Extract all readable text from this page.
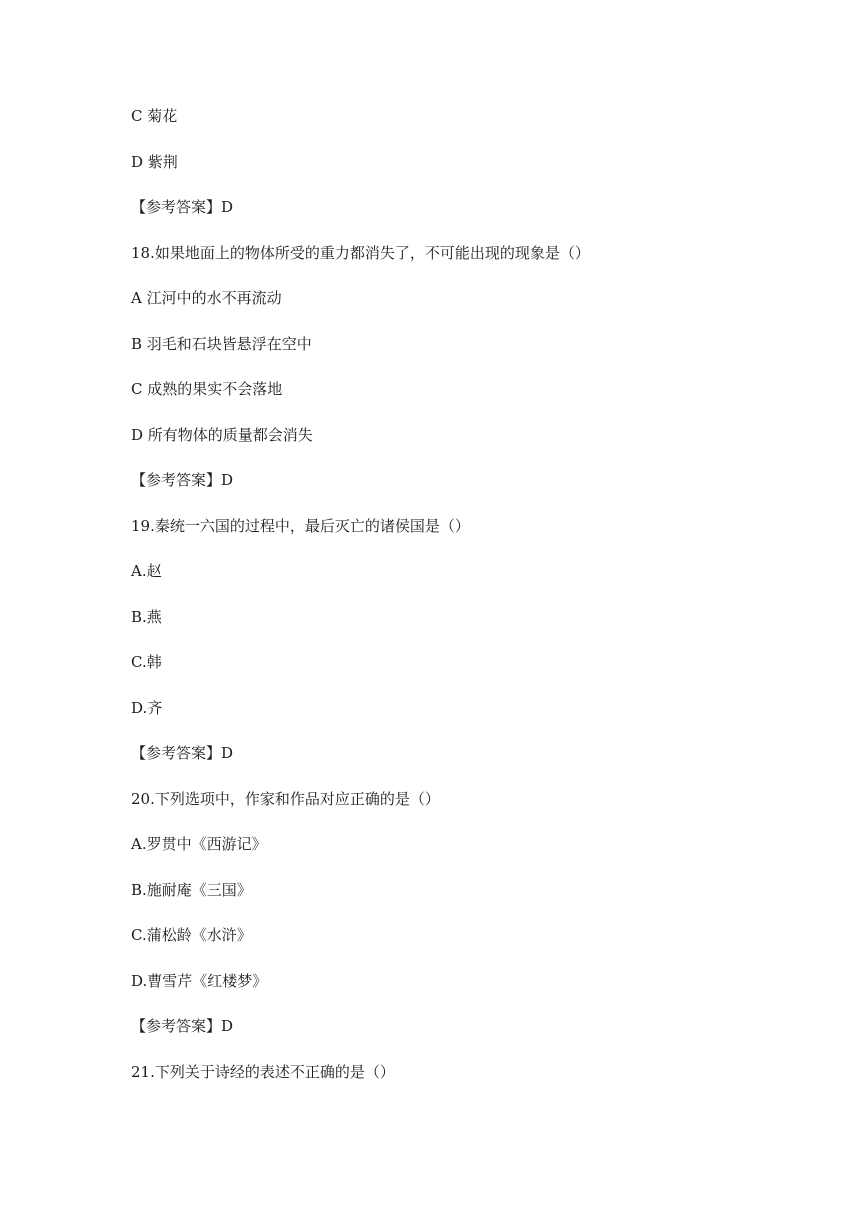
C 菊花
D 紫荆
【参考答案】D
18.如果地面上的物体所受的重力都消失了，不可能出现的现象是（）
A 江河中的水不再流动
B 羽毛和石块皆悬浮在空中
C 成熟的果实不会落地
D 所有物体的质量都会消失
【参考答案】D
19.秦统一六国的过程中，最后灭亡的诸侯国是（）
A.赵
B.燕
C.韩
D.齐
【参考答案】D
20.下列选项中，作家和作品对应正确的是（）
A.罗贯中《西游记》
B.施耐庵《三国》
C.蒲松龄《水浒》
D.曹雪芹《红楼梦》
【参考答案】D
21.下列关于诗经的表述不正确的是（）
